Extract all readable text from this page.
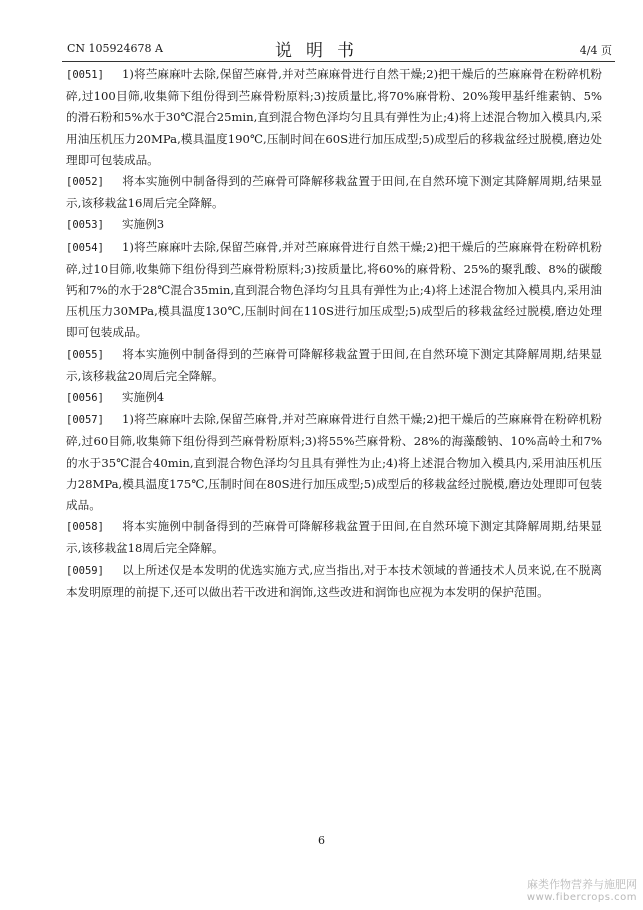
CN 105924678 A	说明书	4/4 页

[0051] 1)将苎麻麻叶去除,保留苎麻骨,并对苎麻麻骨进行自然干燥;2)把干燥后的苎麻麻骨在粉碎机粉碎,过100目筛,收集筛下组份得到苎麻骨粉原料;3)按质量比,将70%麻骨粉、20%羧甲基纤维素钠、5%的滑石粉和5%水于30℃混合25min,直到混合物色泽均匀且具有弹性为止;4)将上述混合物加入模具内,采用油压机压力20MPa,模具温度190℃,压制时间在60S进行加压成型;5)成型后的移栽盆经过脱模,磨边处理即可包装成品。

[0052] 将本实施例中制备得到的苎麻骨可降解移栽盆置于田间,在自然环境下测定其降解周期,结果显示,该移栽盆16周后完全降解。

[0053] 实施例3

[0054] 1)将苎麻麻叶去除,保留苎麻骨,并对苎麻麻骨进行自然干燥;2)把干燥后的苎麻麻骨在粉碎机粉碎,过10目筛,收集筛下组份得到苎麻骨粉原料;3)按质量比,将60%的麻骨粉、25%的聚乳酸、8%的碳酸钙和7%的水于28℃混合35min,直到混合物色泽均匀且具有弹性为止;4)将上述混合物加入模具内,采用油压机压力30MPa,模具温度130℃,压制时间在110S进行加压成型;5)成型后的移栽盆经过脱模,磨边处理即可包装成品。

[0055] 将本实施例中制备得到的苎麻骨可降解移栽盆置于田间,在自然环境下测定其降解周期,结果显示,该移栽盆20周后完全降解。

[0056] 实施例4

[0057] 1)将苎麻麻叶去除,保留苎麻骨,并对苎麻麻骨进行自然干燥;2)把干燥后的苎麻麻骨在粉碎机粉碎,过60目筛,收集筛下组份得到苎麻骨粉原料;3)将55%苎麻骨粉、28%的海藻酸钠、10%高岭土和7%的水于35℃混合40min,直到混合物色泽均匀且具有弹性为止;4)将上述混合物加入模具内,采用油压机压力28MPa,模具温度175℃,压制时间在80S进行加压成型;5)成型后的移栽盆经过脱模,磨边处理即可包装成品。

[0058] 将本实施例中制备得到的苎麻骨可降解移栽盆置于田间,在自然环境下测定其降解周期,结果显示,该移栽盆18周后完全降解。

[0059] 以上所述仅是本发明的优选实施方式,应当指出,对于本技术领域的普通技术人员来说,在不脱离本发明原理的前提下,还可以做出若干改进和润饰,这些改进和润饰也应视为本发明的保护范围。

6
麻类作物营养与施肥网
www.fibercrops.com
